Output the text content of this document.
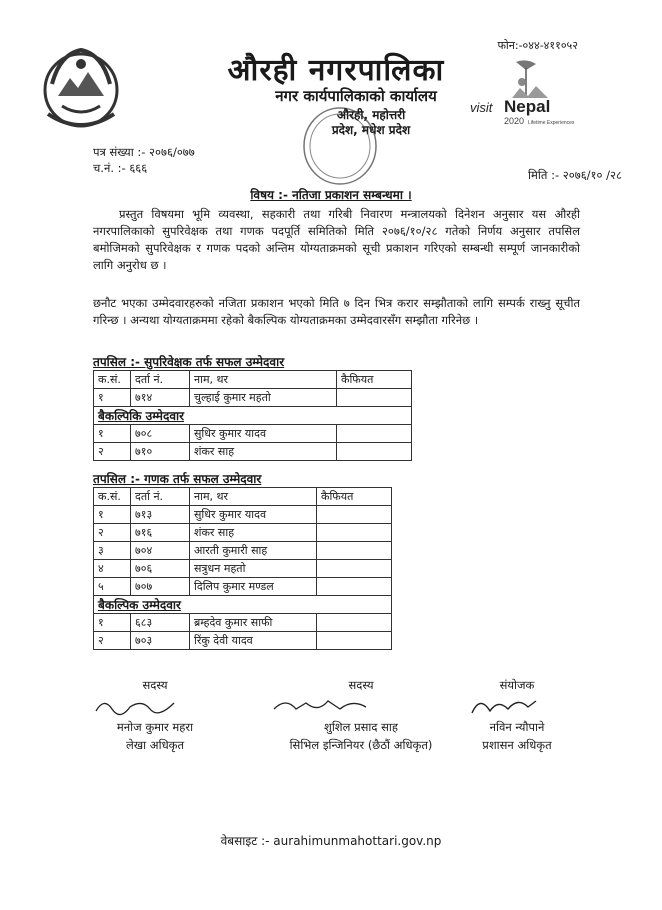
फोन:-०४४-४११०५२
औरही नगरपालिका
नगर कार्यपालिकाको कार्यालय
औरही, महोत्तरी
प्रदेश, मधेश प्रदेश
visit Nepal
2020 Lifetime Experiences
पत्र संख्या :- २०७६/०७७
च.नं. :- ६६६	मिति :- २०७६/१० /२८
विषय :- नतिजा प्रकाशन सम्बन्धमा ।
प्रस्तुत विषयमा भूमि व्यवस्था, सहकारी तथा गरिबी निवारण मन्त्रालयको दिनेशन अनुसार यस औरही नगरपालिकाको सुपरिवेक्षक तथा गणक पदपूर्ति समितिको मिति २०७६/१०/२८ गतेको निर्णय अनुसार तपसिल बमोजिमको सुपरिवेक्षक र गणक पदको अन्तिम योग्यताक्रमको सूची प्रकाशन गरिएको सम्बन्धी सम्पूर्ण जानकारीको लागि अनुरोध छ ।
छनौट भएका उम्मेदवारहरुको नजिता प्रकाशन भएको मिति ७ दिन भित्र करार सम्झौताको लागि सम्पर्क राख्नु सूचीत गरिन्छ । अन्यथा योग्यताक्रममा रहेको बैकल्पिक योग्यताक्रमका उम्मेदवारसँग सम्झौता गरिनेछ ।
तपसिल :- सुपरिवेक्षक तर्फ सफल उम्मेदवार
क.सं.	दर्ता नं.	नाम, थर	कैफियत
१	७१४	चुल्हाई कुमार महतो	
बैकल्पिकि उम्मेदवार			
१	७०८	सुधिर कुमार यादव	
२	७१०	शंकर साह	
तपसिल :- गणक तर्फ सफल उम्मेदवार
क.सं.	दर्ता नं.	नाम, थर	कैफियत
१	७१३	सुधिर कुमार यादव	
२	७१६	शंकर साह	
३	७०४	आरती कुमारी साह	
४	७०६	सत्रुधन महतो	
५	७०७	दिलिप कुमार मण्डल	
बैकल्पिक उम्मेदवार			
१	६८३	ब्रम्हदेव कुमार साफी	
२	७०३	रिंकु देवी यादव	
सदस्य
मनोज कुमार महरा
लेखा अधिकृत
सदस्य
शुशिल प्रसाद साह
सिभिल इन्जिनियर (छैठौं अधिकृत)
संयोजक
नविन न्यौपाने
प्रशासन अधिकृत
वेबसाइट :- aurahimunmahottari.gov.np
